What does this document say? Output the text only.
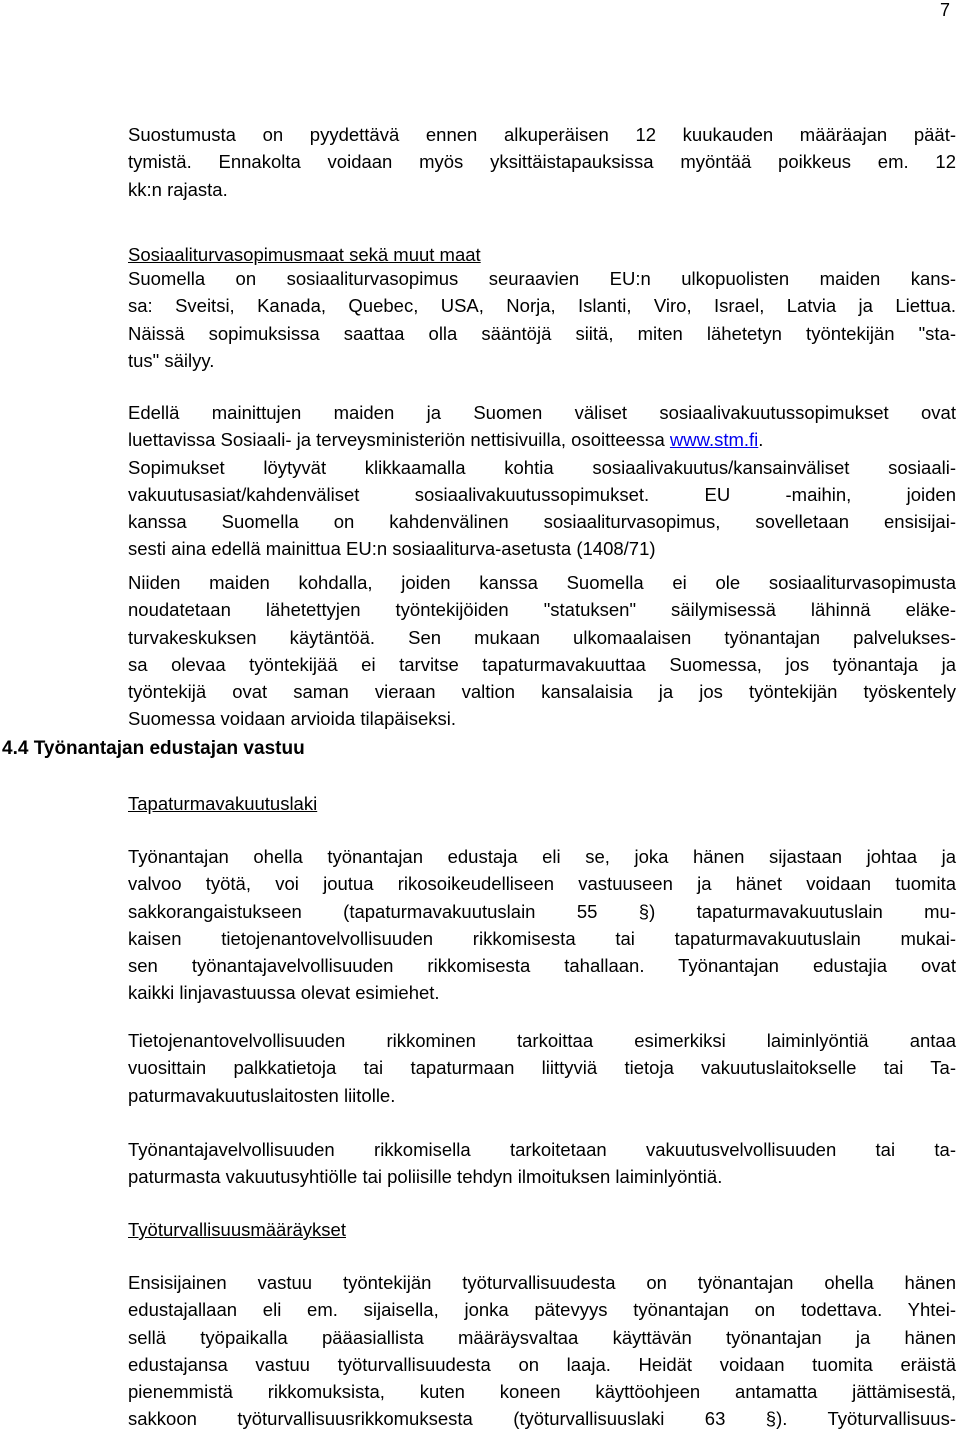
7
Suostumusta on pyydettävä ennen alkuperäisen 12 kuukauden määräajan päät-
tymistä. Ennakolta voidaan myös yksittäistapauksissa myöntää poikkeus em. 12
kk:n rajasta.
Sosiaaliturvasopimusmaat sekä muut maat
Suomella on sosiaaliturvasopimus seuraavien EU:n ulkopuolisten maiden kans-
sa: Sveitsi, Kanada, Quebec, USA, Norja, Islanti, Viro, Israel, Latvia ja Liettua.
Näissä sopimuksissa saattaa olla sääntöjä siitä, miten lähetetyn työntekijän "sta-
tus" säilyy.
Edellä mainittujen maiden ja Suomen väliset sosiaalivakuutussopimukset ovat
luettavissa Sosiaali- ja terveysministeriön nettisivuilla, osoitteessa www.stm.fi.
Sopimukset löytyvät klikkaamalla kohtia sosiaalivakuutus/kansainväliset sosiaali-
vakuutusasiat/kahdenväliset sosiaalivakuutussopimukset. EU -maihin, joiden
kanssa Suomella on kahdenvälinen sosiaaliturvasopimus, sovelletaan ensisijai-
sesti aina edellä mainittua EU:n sosiaaliturva-asetusta (1408/71)
Niiden maiden kohdalla, joiden kanssa Suomella ei ole sosiaaliturvasopimusta
noudatetaan lähetettyjen työntekijöiden "statuksen" säilymisessä lähinnä eläke-
turvakeskuksen käytäntöä. Sen mukaan ulkomaalaisen työnantajan palvelukses-
sa olevaa työntekijää ei tarvitse tapaturmavakuuttaa Suomessa, jos työnantaja ja
työntekijä ovat saman vieraan valtion kansalaisia ja jos työntekijän työskentely
Suomessa voidaan arvioida tilapäiseksi.
4.4 Työnantajan edustajan vastuu
Tapaturmavakuutuslaki
Työnantajan ohella työnantajan edustaja eli se, joka hänen sijastaan johtaa ja
valvoo työtä, voi joutua rikosoikeudelliseen vastuuseen ja hänet voidaan tuomita
sakkorangaistukseen (tapaturmavakuutuslain 55 §) tapaturmavakuutuslain mu-
kaisen tietojenantovelvollisuuden rikkomisesta tai tapaturmavakuutuslain mukai-
sen työnantajavelvollisuuden rikkomisesta tahallaan. Työnantajan edustajia ovat
kaikki linjavastuussa olevat esimiehet.
Tietojenantovelvollisuuden rikkominen tarkoittaa esimerkiksi laiminlyöntiä antaa
vuosittain palkkatietoja tai tapaturmaan liittyviä tietoja vakuutuslaitokselle tai Ta-
paturmavakuutuslaitosten liitolle.
Työnantajavelvollisuuden rikkomisella tarkoitetaan vakuutusvelvollisuuden tai ta-
paturmasta vakuutusyhtiölle tai poliisille tehdyn ilmoituksen laiminlyöntiä.
Työturvallisuusmääräykset
Ensisijainen vastuu työntekijän työturvallisuudesta on työnantajan ohella hänen
edustajallaan eli em. sijaisella, jonka pätevyys työnantajan on todettava. Yhtei-
sellä työpaikalla pääasiallista määräysvaltaa käyttävän työnantajan ja hänen
edustajansa vastuu työturvallisuudesta on laaja. Heidät voidaan tuomita eräistä
pienemmistä rikkomuksista, kuten koneen käyttöohjeen antamatta jättämisestä,
sakkoon työturvallisuusrikkomuksesta (työturvallisuuslaki 63 §). Työturvallisuus-
